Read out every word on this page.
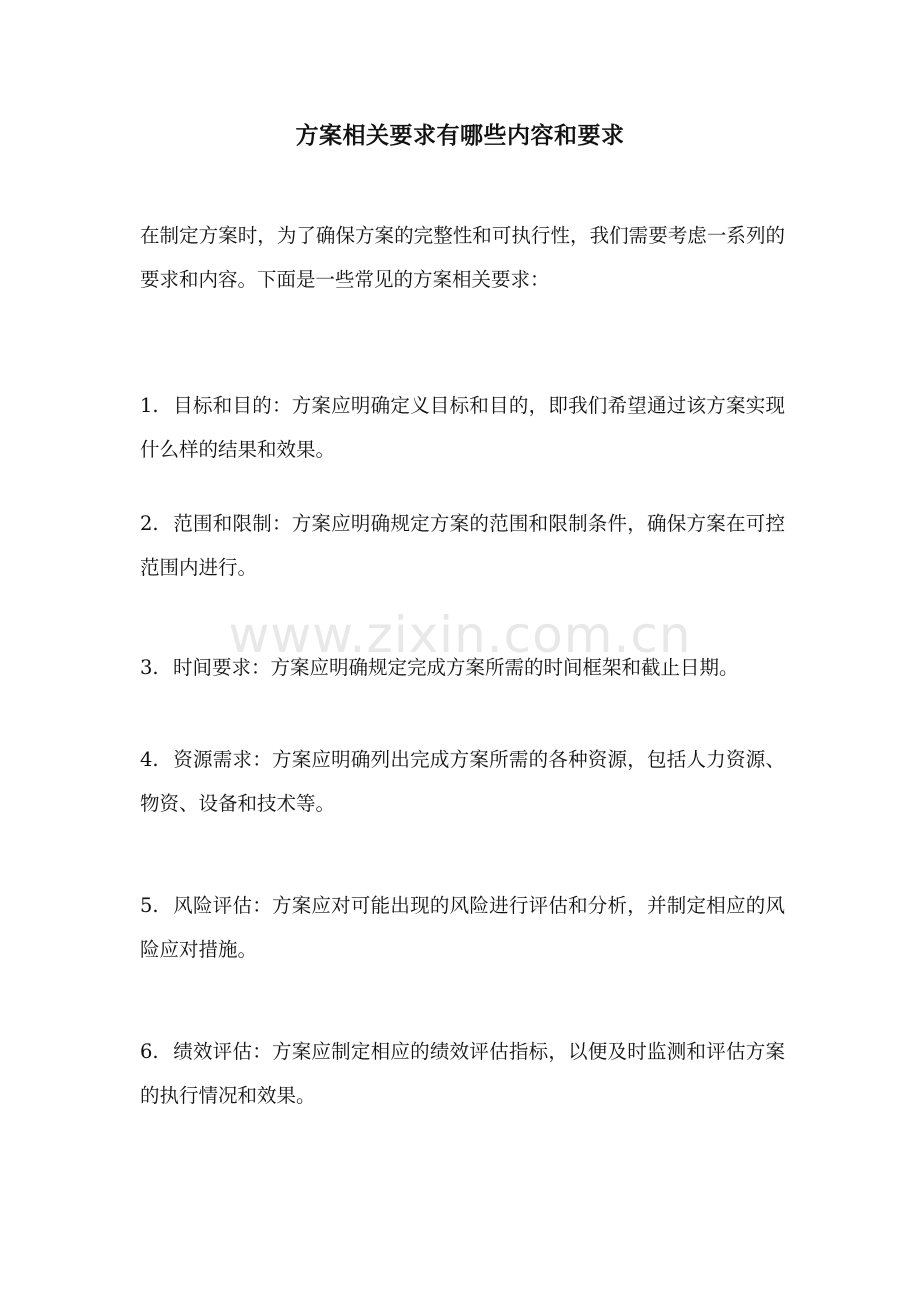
方案相关要求有哪些内容和要求
在制定方案时，为了确保方案的完整性和可执行性，我们需要考虑一系列的要求和内容。下面是一些常见的方案相关要求：
1. 目标和目的：方案应明确定义目标和目的，即我们希望通过该方案实现什么样的结果和效果。
2. 范围和限制：方案应明确规定方案的范围和限制条件，确保方案在可控范围内进行。
3. 时间要求：方案应明确规定完成方案所需的时间框架和截止日期。
4. 资源需求：方案应明确列出完成方案所需的各种资源，包括人力资源、物资、设备和技术等。
5. 风险评估：方案应对可能出现的风险进行评估和分析，并制定相应的风险应对措施。
6. 绩效评估：方案应制定相应的绩效评估指标，以便及时监测和评估方案的执行情况和效果。
www.zixin.com.cn
